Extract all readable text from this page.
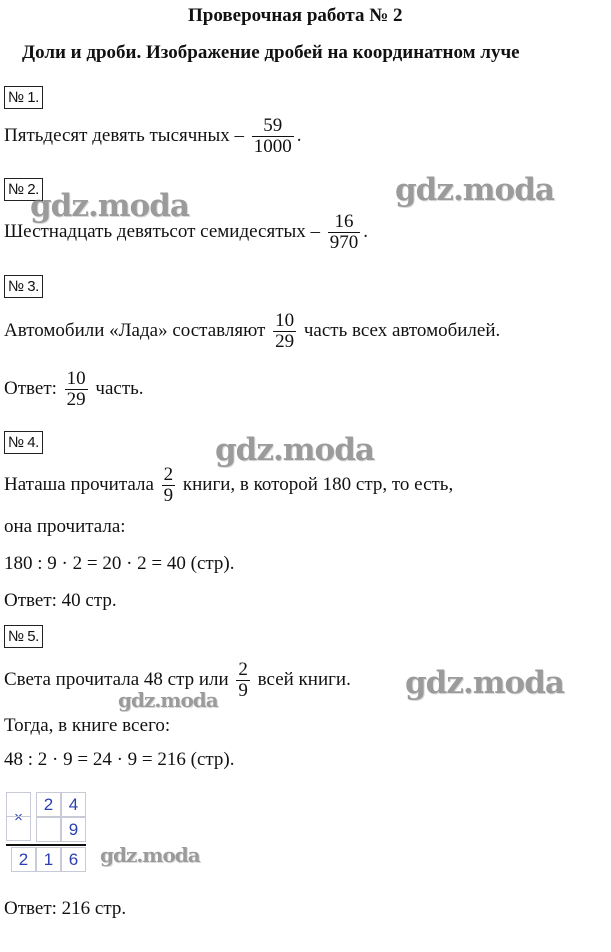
Проверочная работа № 2
Доли и дроби. Изображение дробей на координатном луче
№ 1.
Пятьдесят девять тысячных – $\frac{59}{1000}$ .
№ 2.
Шестнадцать девятьсот семидесятых – $\frac{16}{970}$ .
№ 3.
Автомобили «Лада» составляют $\frac{10}{29}$ часть всех автомобилей.
Ответ: $\frac{10}{29}$ часть.
№ 4.
Наташа прочитала $\frac{2}{9}$ книги, в которой 180 стр, то есть,
она прочитала:
180 : 9 · 2 = 20 · 2 = 40 (стр).
Ответ: 40 стр.
№ 5.
Света прочитала 48 стр или $\frac{2}{9}$ всей книги.
Тогда, в книге всего:
48 : 2 · 9 = 24 · 9 = 216 (стр).
×
2 4
9
2 1 6
Ответ: 216 стр.
gdz.moda	gdz.moda
gdz.moda
gdz.moda
gdz.moda
gdz.moda
